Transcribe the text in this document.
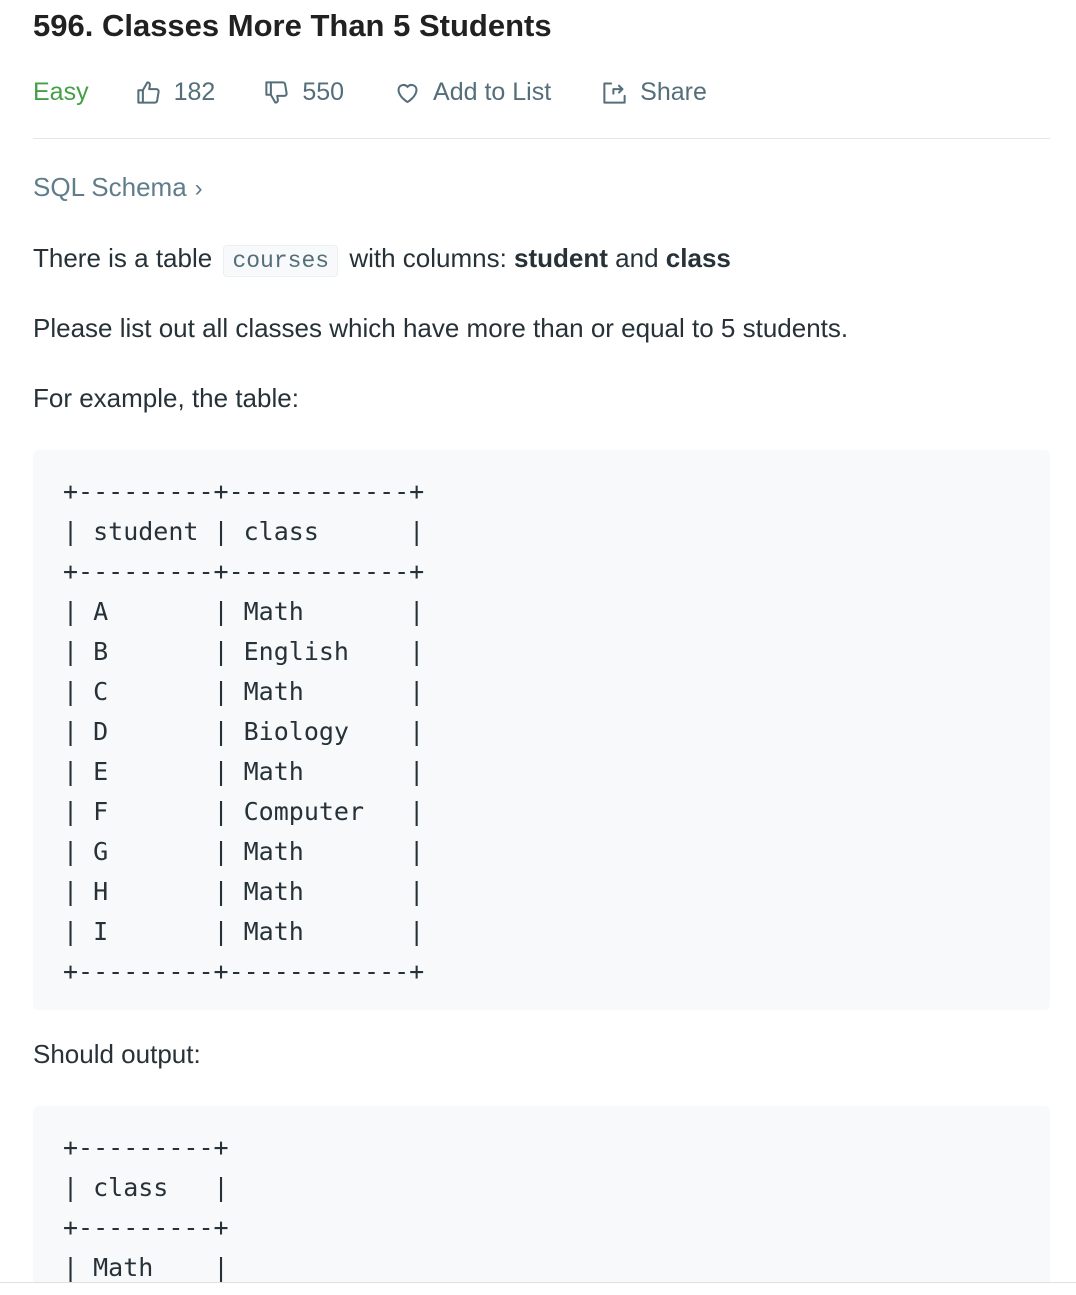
596. Classes More Than 5 Students
Easy	182	550	Add to List	Share
SQL Schema ›
There is a table courses with columns: student and class
Please list out all classes which have more than or equal to 5 students.
For example, the table:
+---------+------------+
| student | class      |
+---------+------------+
| A       | Math       |
| B       | English    |
| C       | Math       |
| D       | Biology    |
| E       | Math       |
| F       | Computer   |
| G       | Math       |
| H       | Math       |
| I       | Math       |
+---------+------------+
Should output:
+---------+
| class   |
+---------+
| Math    |
